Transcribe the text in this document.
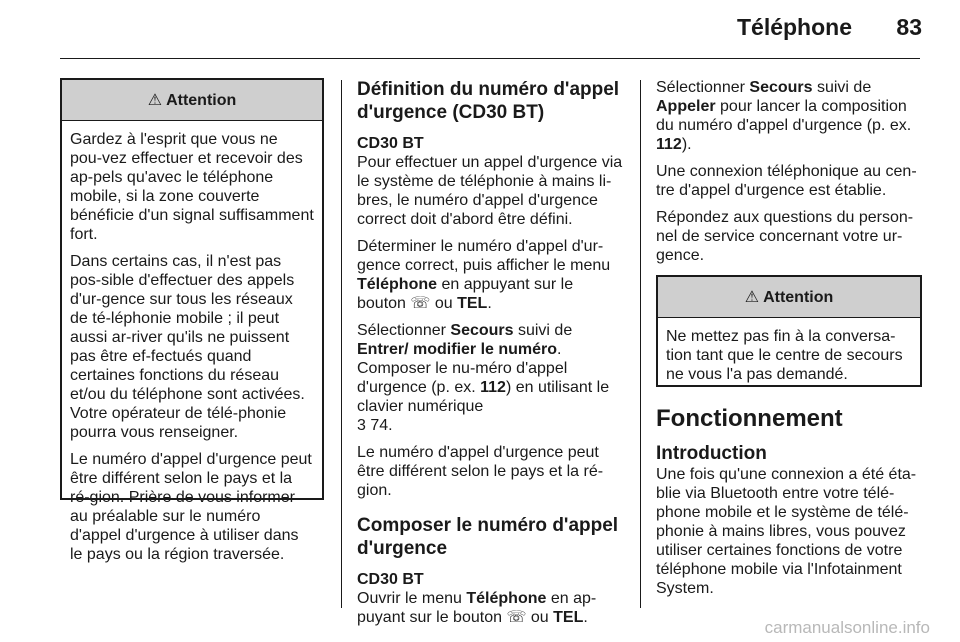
Téléphone 83
⚠ Attention

Gardez à l'esprit que vous ne pou-vez effectuer et recevoir des ap-pels qu'avec le téléphone mobile, si la zone couverte bénéficie d'un signal suffisamment fort.

Dans certains cas, il n'est pas pos-sible d'effectuer des appels d'ur-gence sur tous les réseaux de té-léphonie mobile ; il peut aussi ar-river qu'ils ne puissent pas être ef-fectués quand certaines fonctions du réseau et/ou du téléphone sont activées. Votre opérateur de télé-phonie pourra vous renseigner.

Le numéro d'appel d'urgence peut être différent selon le pays et la ré-gion. Prière de vous informer au préalable sur le numéro d'appel d'urgence à utiliser dans le pays ou la région traversée.

Définition du numéro d'appel d'urgence (CD30 BT)
CD30 BT

Pour effectuer un appel d'urgence via le système de téléphonie à mains li-bres, le numéro d'appel d'urgence correct doit d'abord être défini.

Déterminer le numéro d'appel d'ur-gence correct, puis afficher le menu Téléphone en appuyant sur le bouton ☏ ou TEL.

Sélectionner Secours suivi de Entrer/ modifier le numéro. Composer le nu-méro d'appel d'urgence (p. ex. 112) en utilisant le clavier numérique
3 74.

Le numéro d'appel d'urgence peut être différent selon le pays et la ré-gion.

Composer le numéro d'appel d'urgence
CD30 BT

Ouvrir le menu Téléphone en ap-puyant sur le bouton ☏ ou TEL.

Sélectionner Secours suivi de Appeler pour lancer la composition du numéro d'appel d'urgence (p. ex. 112).

Une connexion téléphonique au cen-tre d'appel d'urgence est établie.

Répondez aux questions du person-nel de service concernant votre ur-gence.

⚠ Attention

Ne mettez pas fin à la conversa-tion tant que le centre de secours ne vous l'a pas demandé.

Fonctionnement
Introduction

Une fois qu'une connexion a été éta-blie via Bluetooth entre votre télé-phone mobile et le système de télé-phonie à mains libres, vous pouvez utiliser certaines fonctions de votre téléphone mobile via l'Infotainment System.

carmanualsonline.info
